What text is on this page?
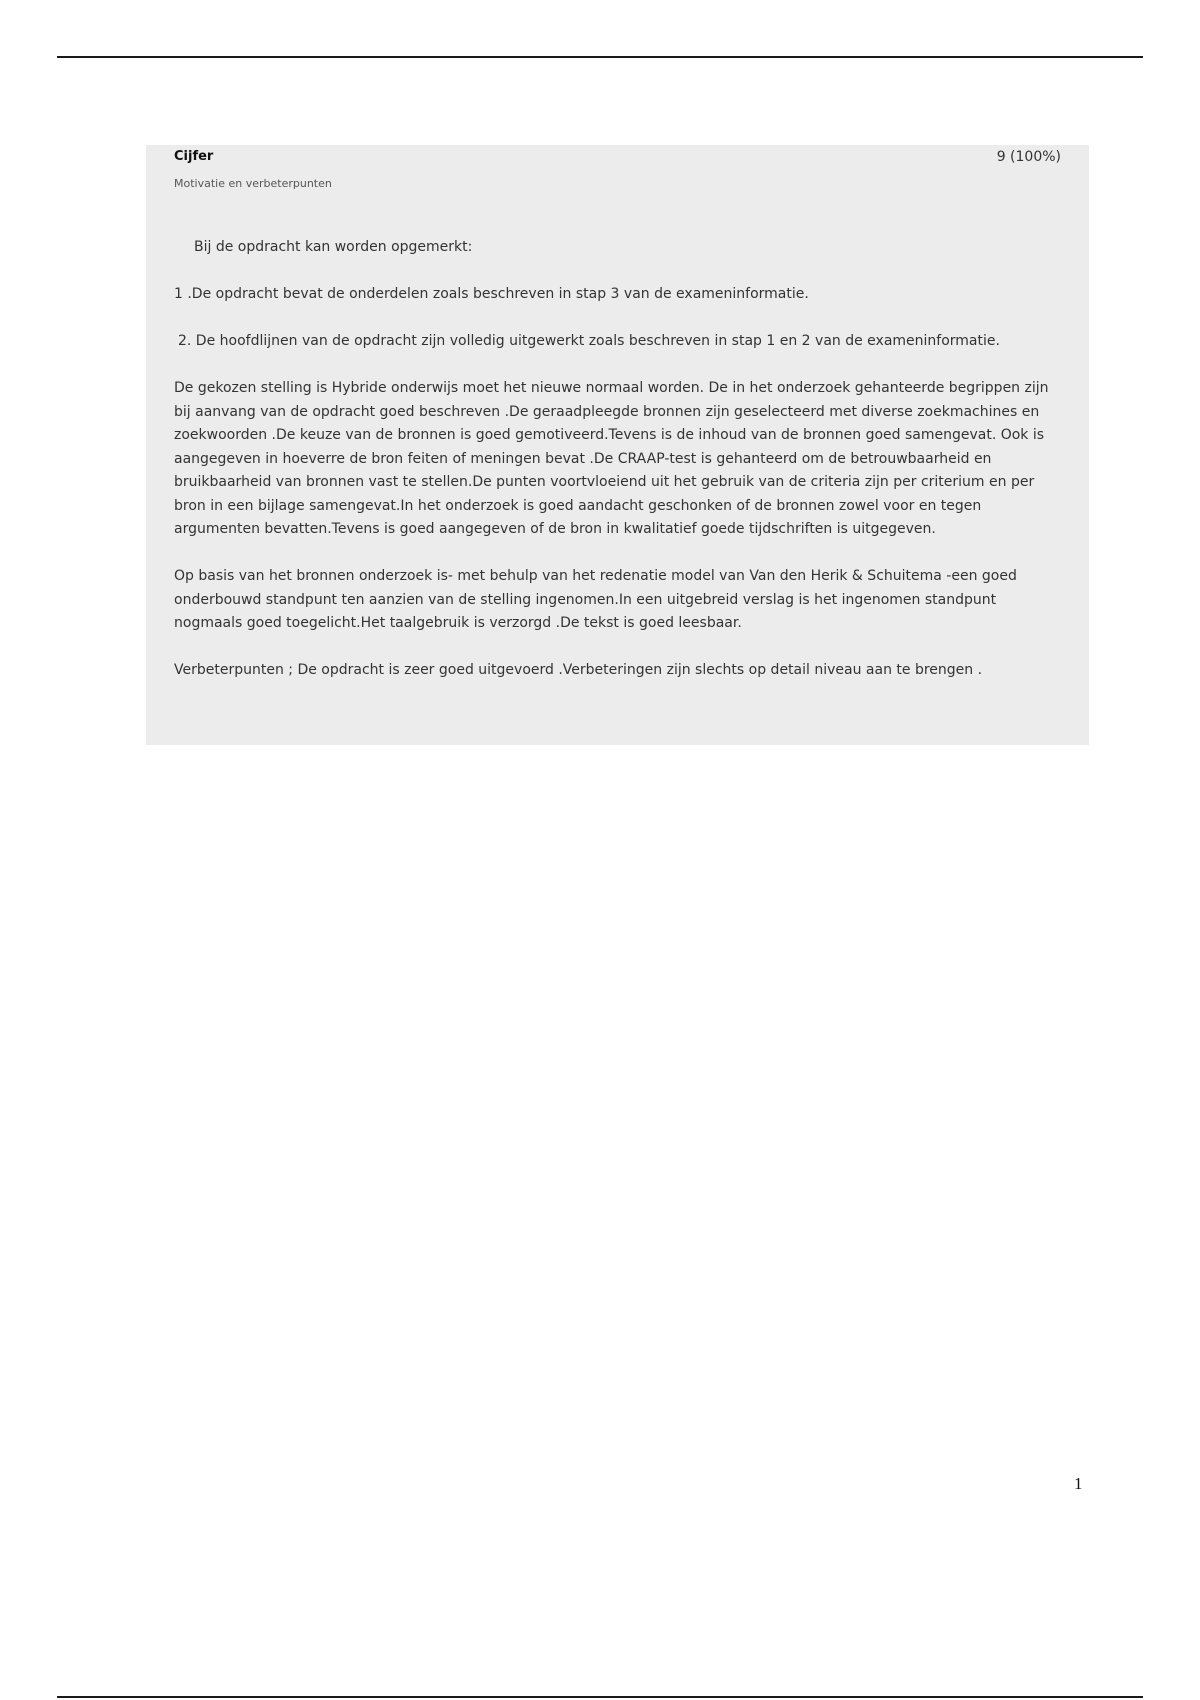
Cijfer	9 (100%)
Motivatie en verbeterpunten

Bij de opdracht kan worden opgemerkt:

1 .De opdracht bevat de onderdelen zoals beschreven in stap 3 van de exameninformatie.

2. De hoofdlijnen van de opdracht zijn volledig uitgewerkt zoals beschreven in stap 1 en 2 van de exameninformatie.

De gekozen stelling is Hybride onderwijs moet het nieuwe normaal worden. De in het onderzoek gehanteerde begrippen zijn bij aanvang van de opdracht goed beschreven .De geraadpleegde bronnen zijn geselecteerd met diverse zoekmachines en zoekwoorden .De keuze van de bronnen is goed gemotiveerd.Tevens is de inhoud van de bronnen goed samengevat. Ook is aangegeven in hoeverre de bron feiten of meningen bevat .De CRAAP-test is gehanteerd om de betrouwbaarheid en bruikbaarheid van bronnen vast te stellen.De punten voortvloeiend uit het gebruik van de criteria zijn per criterium en per bron in een bijlage samengevat.In het onderzoek is goed aandacht geschonken of de bronnen zowel voor en tegen argumenten bevatten.Tevens is goed aangegeven of de bron in kwalitatief goede tijdschriften is uitgegeven.

Op basis van het bronnen onderzoek is- met behulp van het redenatie model van Van den Herik & Schuitema -een goed onderbouwd standpunt ten aanzien van de stelling ingenomen.In een uitgebreid verslag is het ingenomen standpunt nogmaals goed toegelicht.Het taalgebruik is verzorgd .De tekst is goed leesbaar.

Verbeterpunten ; De opdracht is zeer goed uitgevoerd .Verbeteringen zijn slechts op detail niveau aan te brengen .

1
